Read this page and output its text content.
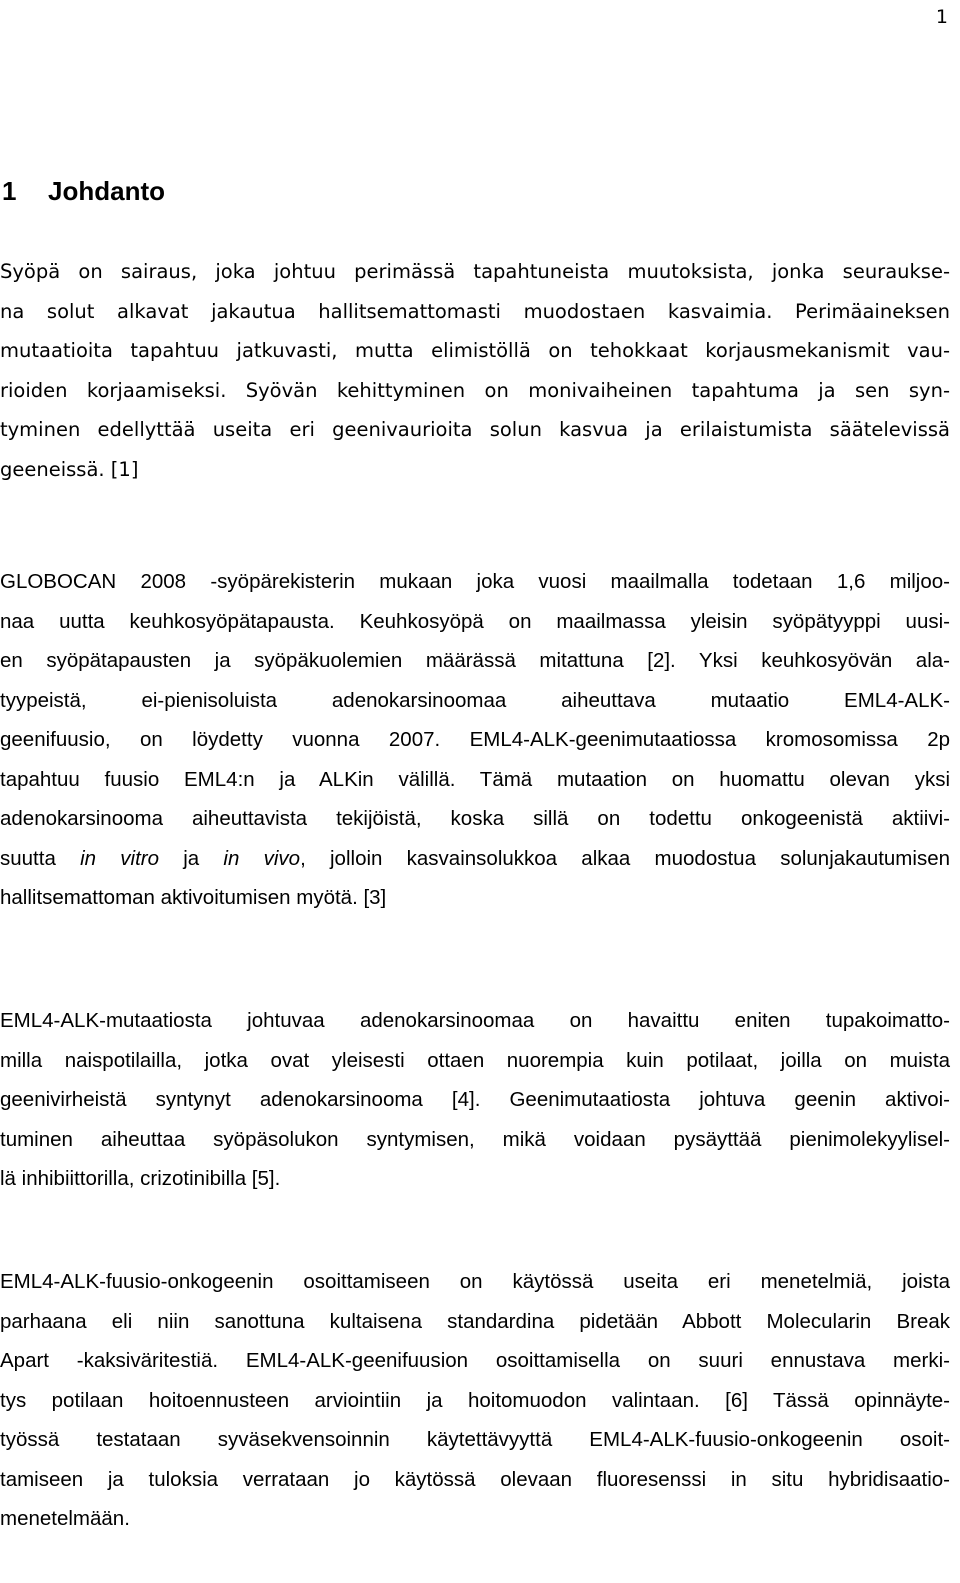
1
1 Johdanto

Syöpä on sairaus, joka johtuu perimässä tapahtuneista muutoksista, jonka seurauksе-
na solut alkavat jakautua hallitsemattomasti muodostaen kasvaimia. Perimäaineksen
mutaatioita tapahtuu jatkuvasti, mutta elimistöllä on tehokkaat korjausmekanismit vau-
rioiden korjaamiseksi. Syövän kehittyminen on monivaiheinen tapahtuma ja sen syn-
tyminen edellyttää useita eri geenivaurioita solun kasvua ja erilaistumista säätelevissä
geeneissä. [1]

GLOBOCAN 2008 -syöpärekisterin mukaan joka vuosi maailmalla todetaan 1,6 miljoo-
naa uutta keuhkosyöpätapausta. Keuhkosyöpä on maailmassa yleisin syöpätyyppi uusi-
en syöpätapausten ja syöpäkuolemien määrässä mitattuna [2]. Yksi keuhkosyövän ala-
tyypeistä, ei-pienisoluista adenokarsinoomaa aiheuttava mutaatio EML4-ALK-
geenifuusio, on löydetty vuonna 2007. EML4-ALK-geenimutaatiossa kromosomissa 2p
tapahtuu fuusio EML4:n ja ALKin välillä. Tämä mutaation on huomattu olevan yksi
adenokarsinooma aiheuttavista tekijöistä, koska sillä on todettu onkogeenistä aktiivi-
suutta in vitro ja in vivo, jolloin kasvainsolukkoa alkaa muodostua solunjakautumisen
hallitsemattoman aktivoitumisen myötä. [3]

EML4-ALK-mutaatiosta johtuvaa adenokarsinoomaa on havaittu eniten tupakoimatto-
milla naispotilailla, jotka ovat yleisesti ottaen nuorempia kuin potilaat, joilla on muista
geenivirheistä syntynyt adenokarsinooma [4]. Geenimutaatiosta johtuva geenin aktivoi-
tuminen aiheuttaa syöpäsolukon syntymisen, mikä voidaan pysäyttää pienimolekyylisel-
lä inhibiittorilla, crizotinibilla [5].

EML4-ALK-fuusio-onkogeenin osoittamiseen on käytössä useita eri menetelmiä, joista
parhaana eli niin sanottuna kultaisena standardina pidetään Abbott Molecularin Break
Apart -kaksiväritestiä. EML4-ALK-geenifuusion osoittamisella on suuri ennustava merki-
tys potilaan hoitoennusteen arviointiin ja hoitomuodon valintaan. [6] Tässä opinnäyte-
työssä testataan syväsekvensoinnin käytettävyyttä EML4-ALK-fuusio-onkogeenin osoit-
tamiseen ja tuloksia verrataan jo käytössä olevaan fluoresenssi in situ hybridisaatio-
menetelmään.
